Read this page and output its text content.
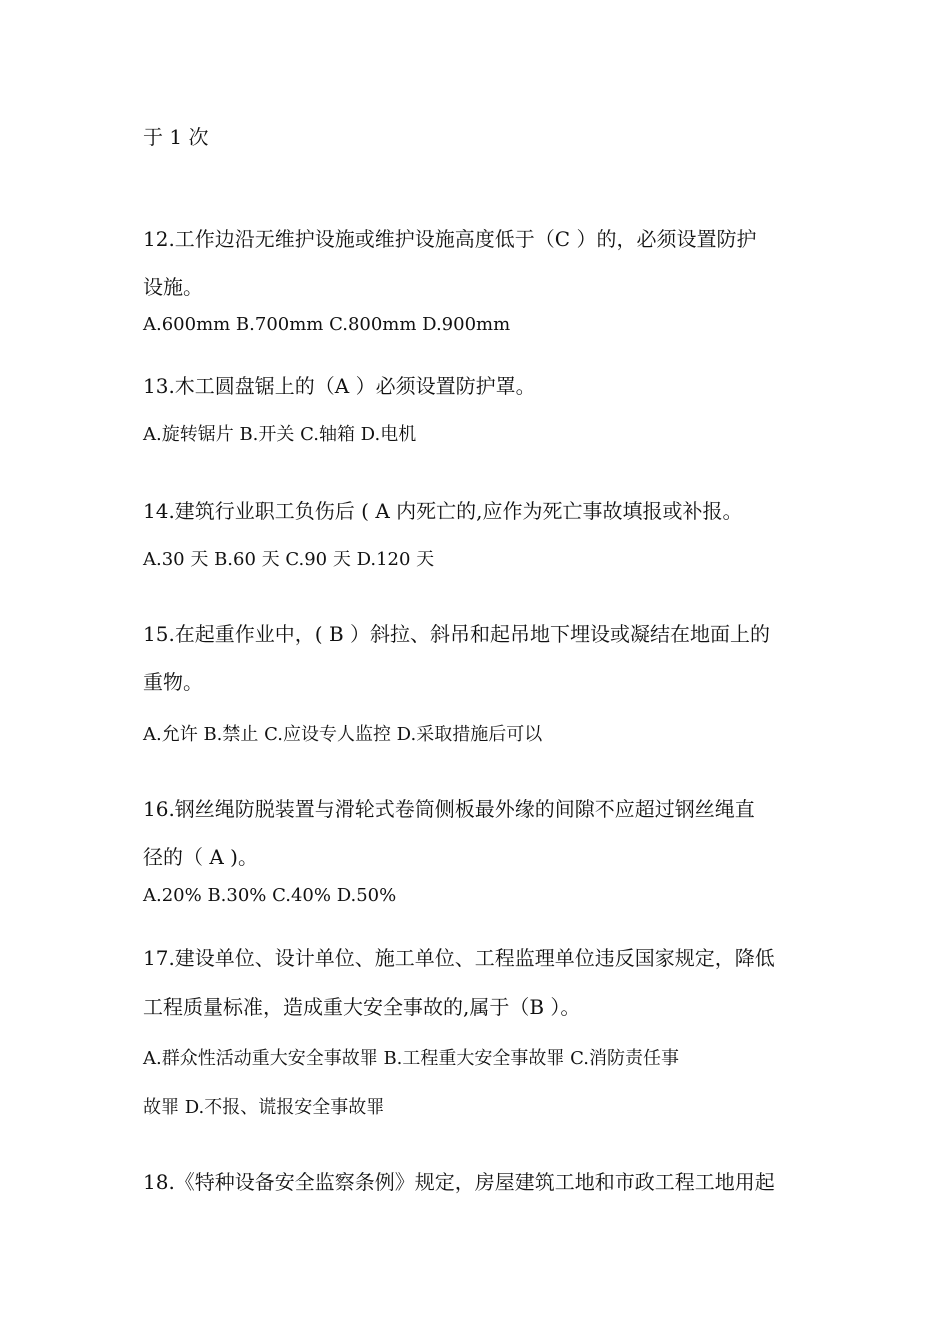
于 1 次
12.工作边沿无维护设施或维护设施高度低于（C ）的，必须设置防护
设施。
A.600mm B.700mm C.800mm D.900mm
13.木工圆盘锯上的（A ）必须设置防护罩。
A.旋转锯片 B.开关 C.轴箱 D.电机
14.建筑行业职工负伤后 ( A 内死亡的,应作为死亡事故填报或补报。
A.30 天 B.60 天 C.90 天 D.120 天
15.在起重作业中，( B ）斜拉、斜吊和起吊地下埋设或凝结在地面上的
重物。
A.允许 B.禁止 C.应设专人监控 D.采取措施后可以
16.钢丝绳防脱装置与滑轮式卷筒侧板最外缘的间隙不应超过钢丝绳直
径的（ A )。
A.20% B.30% C.40% D.50%
17.建设单位、设计单位、施工单位、工程监理单位违反国家规定，降低
工程质量标准，造成重大安全事故的,属于（B ）。
A.群众性活动重大安全事故罪 B.工程重大安全事故罪 C.消防责任事
故罪 D.不报、谎报安全事故罪
18.《特种设备安全监察条例》规定，房屋建筑工地和市政工程工地用起
